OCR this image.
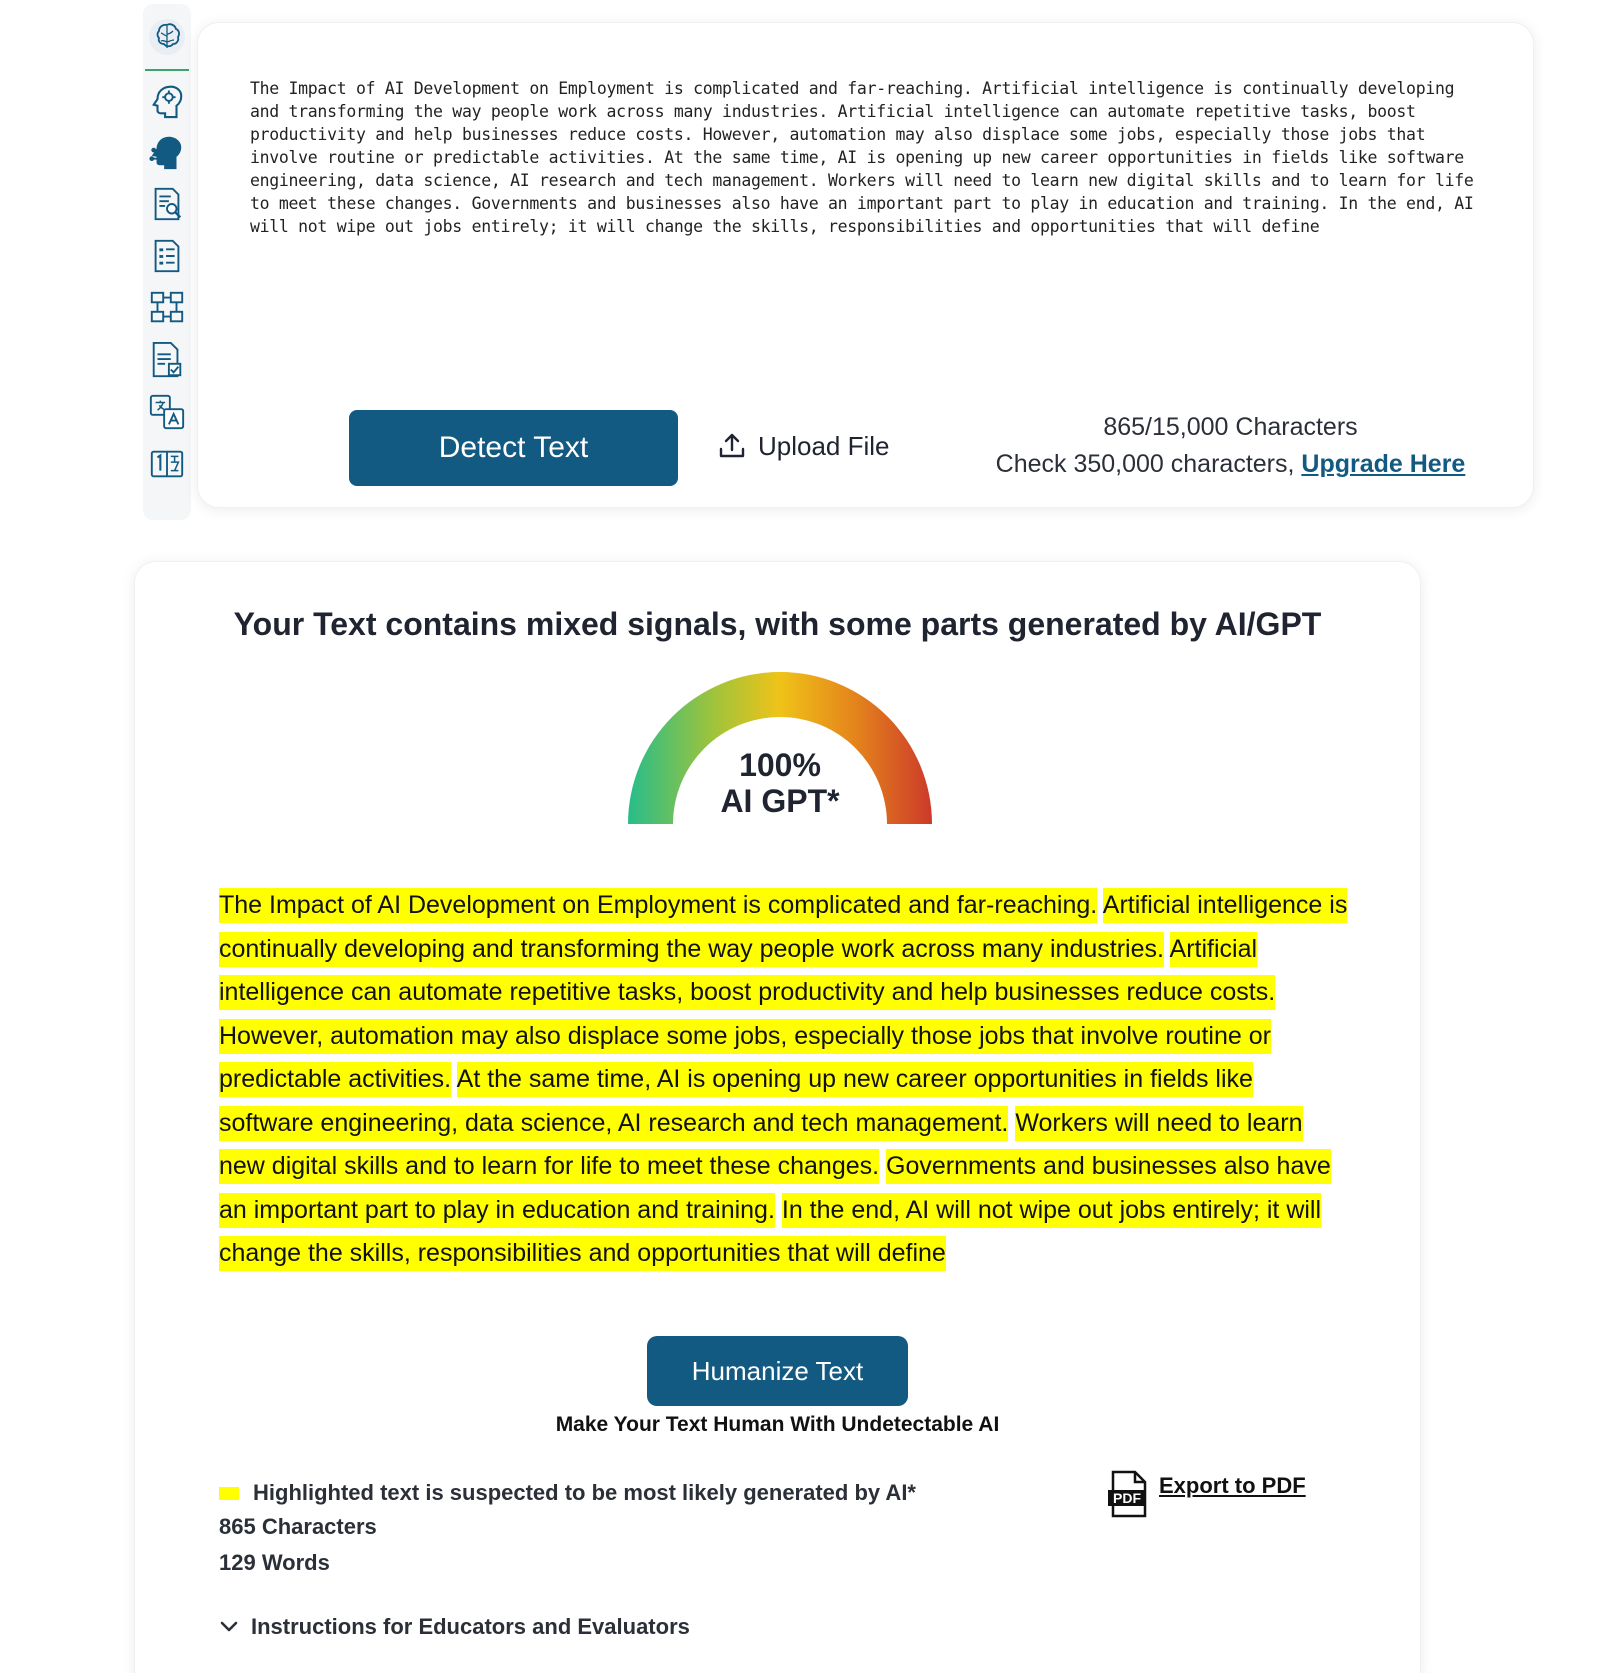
The Impact of AI Development on Employment is complicated and far-reaching. Artificial intelligence is continually developing and transforming the way people work across many industries. Artificial intelligence can automate repetitive tasks, boost productivity and help businesses reduce costs. However, automation may also displace some jobs, especially those jobs that involve routine or predictable activities. At the same time, AI is opening up new career opportunities in fields like software engineering, data science, AI research and tech management. Workers will need to learn new digital skills and to learn for life to meet these changes. Governments and businesses also have an important part to play in education and training. In the end, AI will not wipe out jobs entirely; it will change the skills, responsibilities and opportunities that will define
Detect Text	Upload File
865/15,000 Characters
Check 350,000 characters, Upgrade Here
Your Text contains mixed signals, with some parts generated by AI/GPT
100%
AI GPT*
The Impact of AI Development on Employment is complicated and far-reaching. Artificial intelligence is continually developing and transforming the way people work across many industries. Artificial intelligence can automate repetitive tasks, boost productivity and help businesses reduce costs. However, automation may also displace some jobs, especially those jobs that involve routine or predictable activities. At the same time, AI is opening up new career opportunities in fields like software engineering, data science, AI research and tech management. Workers will need to learn new digital skills and to learn for life to meet these changes. Governments and businesses also have an important part to play in education and training. In the end, AI will not wipe out jobs entirely; it will change the skills, responsibilities and opportunities that will define
Humanize Text
Make Your Text Human With Undetectable AI
Highlighted text is suspected to be most likely generated by AI*
865 Characters
129 Words
PDF Export to PDF
Instructions for Educators and Evaluators
